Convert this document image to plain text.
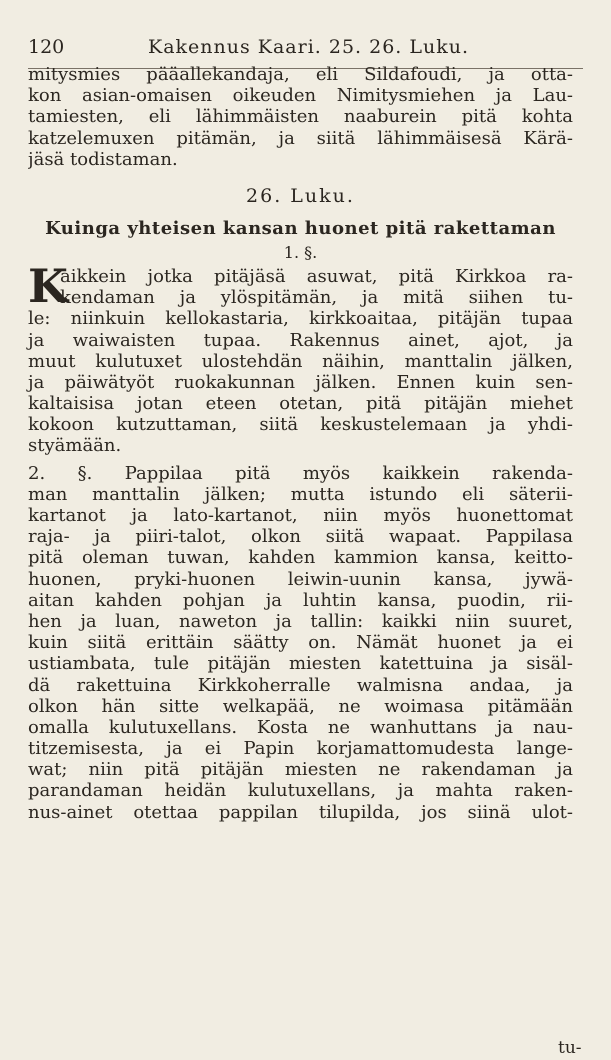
120	Kakennus Kaari. 25. 26. Luku.
mitysmies pääallekandaja, eli Sildafoudi, ja otta-
kon asian-omaisen oikeuden Nimitysmiehen ja Lau-
tamiesten, eli lähimmäisten naaburein pitä kohta
katzelemuxen pitämän, ja siitä lähimmäisesä Kärä-
jäsä todistaman.
26. Luku.
Kuinga yhteisen kansan huonet pitä rakettaman
1. §.
K
aikkein jotka pitäjäsä asuwat, pitä Kirkkoa ra-
kendaman ja ylöspitämän, ja mitä siihen tu-
le: niinkuin kellokastaria, kirkkoaitaa, pitäjän tupaa
ja waiwaisten tupaa. Rakennus ainet, ajot, ja
muut kulutuxet ulostehdän näihin, manttalin jälken,
ja päiwätyöt ruokakunnan jälken. Ennen kuin sen-
kaltaisisa jotan eteen otetan, pitä pitäjän miehet
kokoon kutzuttaman, siitä keskustelemaan ja yhdi-
styämään.
2. §. Pappilaa pitä myös kaikkein rakenda-
man manttalin jälken; mutta istundo eli säterii-
kartanot ja lato-kartanot, niin myös huonettomat
raja- ja piiri-talot, olkon siitä wapaat. Pappilasa
pitä oleman tuwan, kahden kammion kansa, keitto-
huonen, pryki-huonen leiwin-uunin kansa, jywä-
aitan kahden pohjan ja luhtin kansa, puodin, rii-
hen ja luan, naweton ja tallin: kaikki niin suuret,
kuin siitä erittäin säätty on. Nämät huonet ja ei
ustiambata, tule pitäjän miesten katettuina ja sisäl-
dä rakettuina Kirkkoherralle walmisna andaa, ja
olkon hän sitte welkapää, ne woimasa pitämään
omalla kulutuxellans. Kosta ne wanhuttans ja nau-
titzemisesta, ja ei Papin korjamattomudesta lange-
wat; niin pitä pitäjän miesten ne rakendaman ja
parandaman heidän kulutuxellans, ja mahta raken-
nus-ainet otettaa pappilan tilupilda, jos siinä ulot-
tu-
